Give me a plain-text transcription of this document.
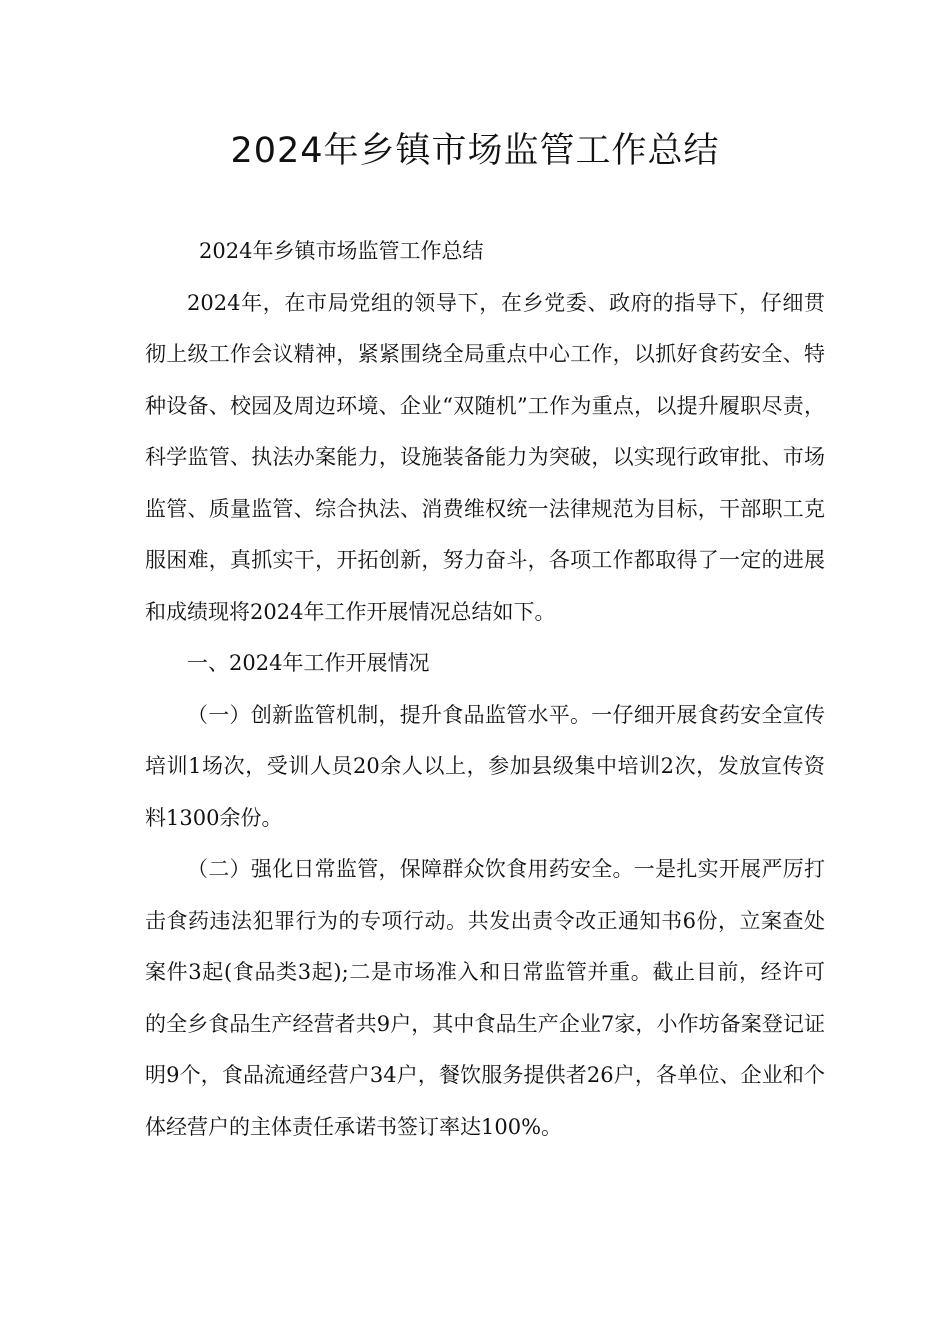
2024年乡镇市场监管工作总结

2024年乡镇市场监管工作总结

2024年，在市局党组的领导下，在乡党委、政府的指导下，仔细贯彻上级工作会议精神，紧紧围绕全局重点中心工作，以抓好食药安全、特种设备、校园及周边环境、企业“双随机”工作为重点，以提升履职尽责，科学监管、执法办案能力，设施装备能力为突破，以实现行政审批、市场监管、质量监管、综合执法、消费维权统一法律规范为目标，干部职工克服困难，真抓实干，开拓创新，努力奋斗，各项工作都取得了一定的进展和成绩现将2024年工作开展情况总结如下。

一、2024年工作开展情况

（一）创新监管机制，提升食品监管水平。一仔细开展食药安全宣传培训1场次，受训人员20余人以上，参加县级集中培训2次，发放宣传资料1300余份。

（二）强化日常监管，保障群众饮食用药安全。一是扎实开展严厉打击食药违法犯罪行为的专项行动。共发出责令改正通知书6份，立案查处案件3起(食品类3起);二是市场准入和日常监管并重。截止目前，经许可的全乡食品生产经营者共9户，其中食品生产企业7家，小作坊备案登记证明9个，食品流通经营户34户，餐饮服务提供者26户，各单位、企业和个体经营户的主体责任承诺书签订率达100%。
